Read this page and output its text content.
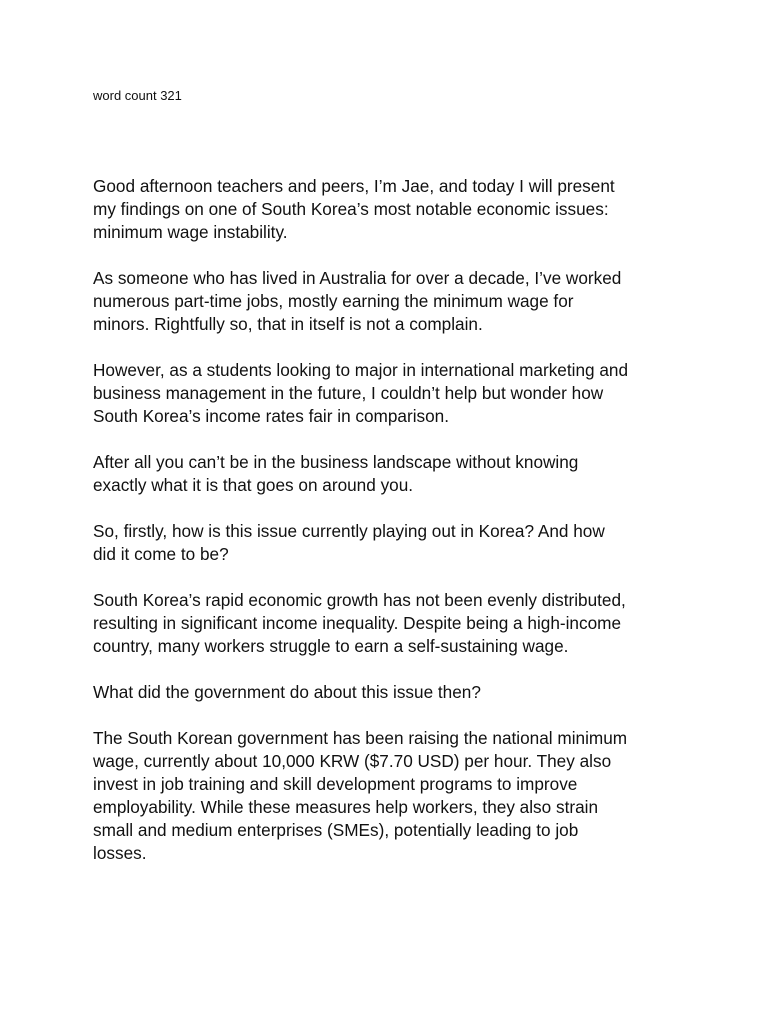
word count 321

Good afternoon teachers and peers, I’m Jae, and today I will present
my findings on one of South Korea’s most notable economic issues:
minimum wage instability.

As someone who has lived in Australia for over a decade, I’ve worked
numerous part-time jobs, mostly earning the minimum wage for
minors. Rightfully so, that in itself is not a complain.

However, as a students looking to major in international marketing and
business management in the future, I couldn’t help but wonder how
South Korea’s income rates fair in comparison.

After all you can’t be in the business landscape without knowing
exactly what it is that goes on around you.

So, firstly, how is this issue currently playing out in Korea? And how
did it come to be?

South Korea’s rapid economic growth has not been evenly distributed,
resulting in significant income inequality. Despite being a high-income
country, many workers struggle to earn a self-sustaining wage.

What did the government do about this issue then?

The South Korean government has been raising the national minimum
wage, currently about 10,000 KRW ($7.70 USD) per hour. They also
invest in job training and skill development programs to improve
employability. While these measures help workers, they also strain
small and medium enterprises (SMEs), potentially leading to job
losses.
